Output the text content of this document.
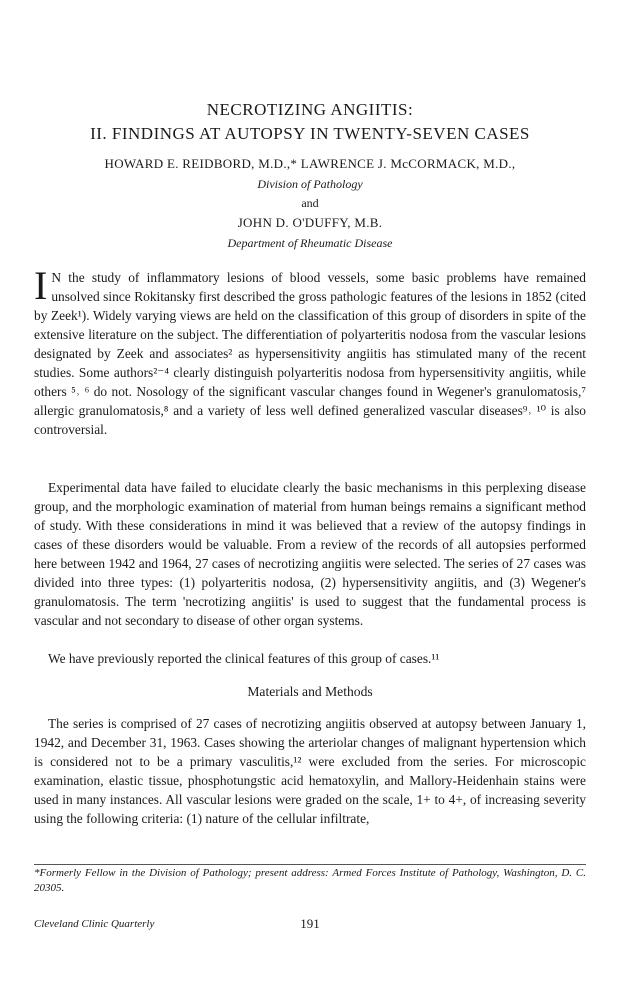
NECROTIZING ANGIITIS:
II. FINDINGS AT AUTOPSY IN TWENTY-SEVEN CASES
HOWARD E. REIDBORD, M.D.,* LAWRENCE J. McCORMACK, M.D.,
Division of Pathology
and
JOHN D. O'DUFFY, M.B.
Department of Rheumatic Disease
I N the study of inflammatory lesions of blood vessels, some basic problems have remained unsolved since Rokitansky first described the gross pathologic features of the lesions in 1852 (cited by Zeek¹). Widely varying views are held on the classification of this group of disorders in spite of the extensive literature on the subject. The differentiation of polyarteritis nodosa from the vascular lesions designated by Zeek and associates² as hypersensitivity angiitis has stimulated many of the recent studies. Some authors²⁻⁴ clearly distinguish polyarteritis nodosa from hypersensitivity angiitis, while others ⁵˒ ⁶ do not. Nosology of the significant vascular changes found in Wegener's granulomatosis,⁷ allergic granulomatosis,⁸ and a variety of less well defined generalized vascular diseases⁹˒ ¹⁰ is also controversial.
Experimental data have failed to elucidate clearly the basic mechanisms in this perplexing disease group, and the morphologic examination of material from human beings remains a significant method of study. With these considerations in mind it was believed that a review of the autopsy findings in cases of these disorders would be valuable. From a review of the records of all autopsies performed here between 1942 and 1964, 27 cases of necrotizing angiitis were selected. The series of 27 cases was divided into three types: (1) polyarteritis nodosa, (2) hypersensitivity angiitis, and (3) Wegener's granulomatosis. The term 'necrotizing angiitis' is used to suggest that the fundamental process is vascular and not secondary to disease of other organ systems.
We have previously reported the clinical features of this group of cases.¹¹
Materials and Methods
The series is comprised of 27 cases of necrotizing angiitis observed at autopsy between January 1, 1942, and December 31, 1963. Cases showing the arteriolar changes of malignant hypertension which is considered not to be a primary vasculitis,¹² were excluded from the series. For microscopic examination, elastic tissue, phosphotungstic acid hematoxylin, and Mallory-Heidenhain stains were used in many instances. All vascular lesions were graded on the scale, 1+ to 4+, of increasing severity using the following criteria: (1) nature of the cellular infiltrate,
*Formerly Fellow in the Division of Pathology; present address: Armed Forces Institute of Pathology, Washington, D. C. 20305.
Cleveland Clinic Quarterly	191
